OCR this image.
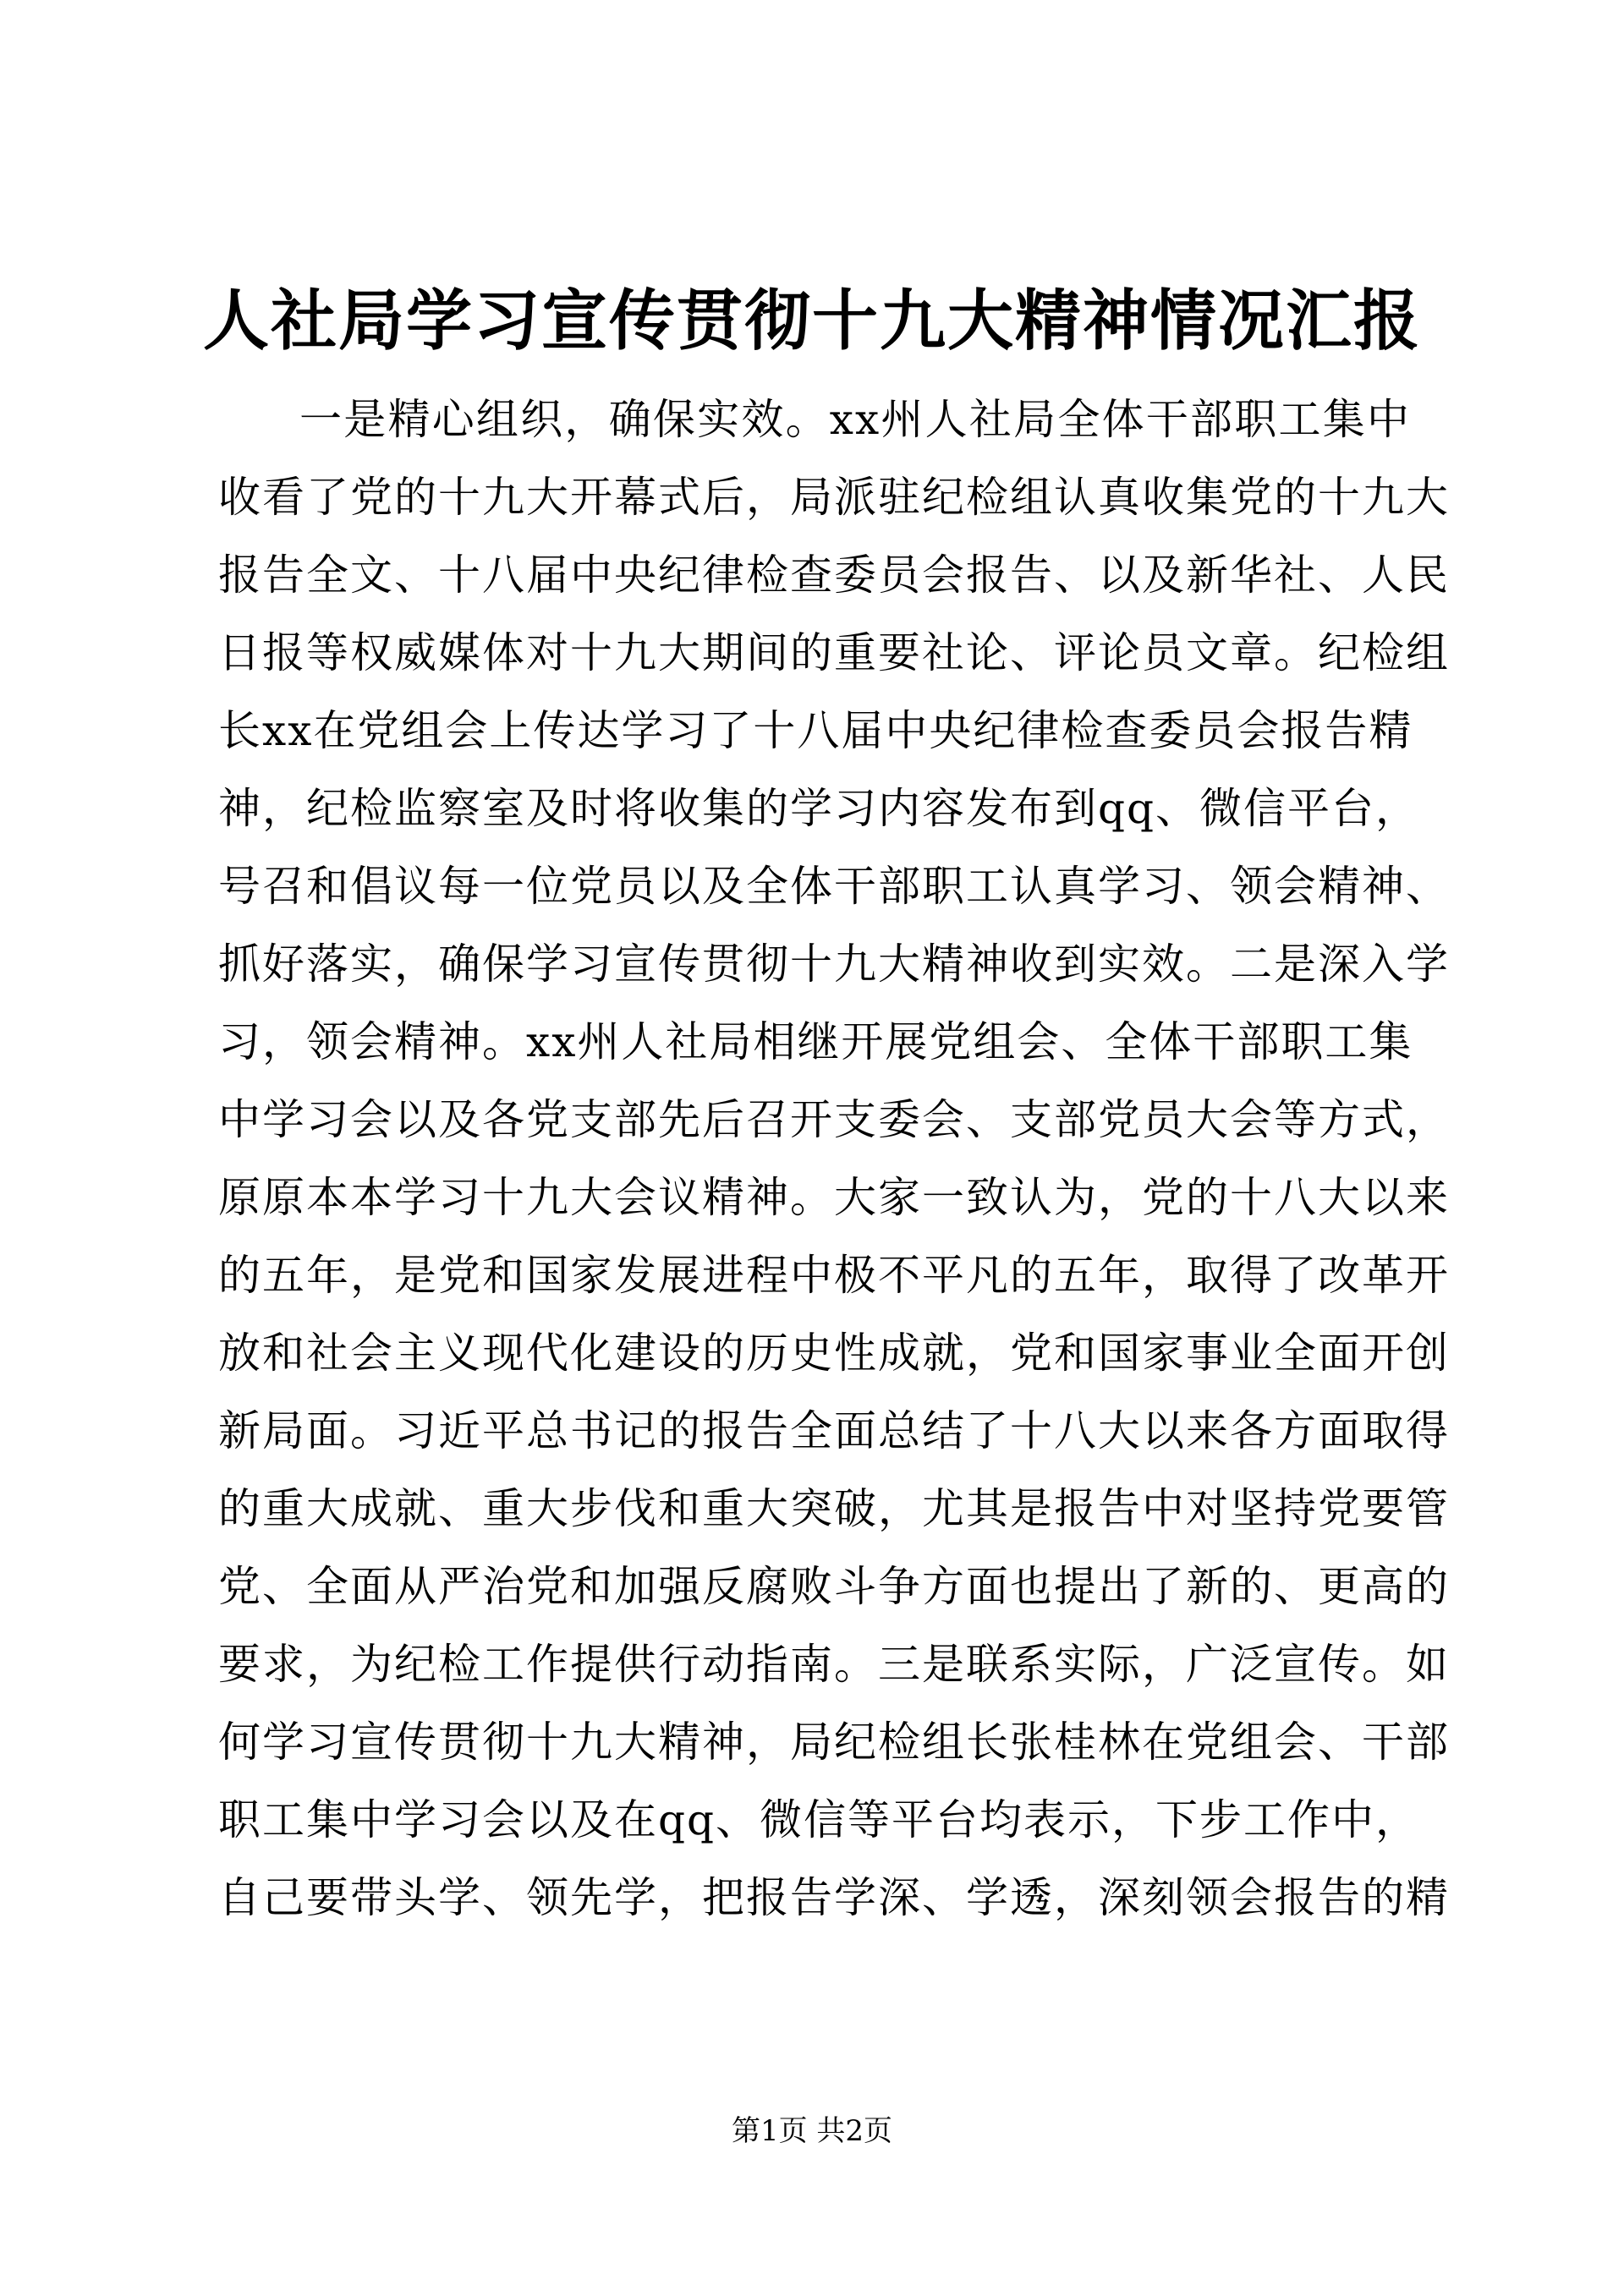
人社局学习宣传贯彻十九大精神情况汇报
一是精心组织，确保实效。xx州人社局全体干部职工集中
收看了党的十九大开幕式后，局派驻纪检组认真收集党的十九大
报告全文、十八届中央纪律检查委员会报告、以及新华社、人民
日报等权威媒体对十九大期间的重要社论、评论员文章。纪检组
长xx在党组会上传达学习了十八届中央纪律检查委员会报告精
神，纪检监察室及时将收集的学习内容发布到qq、微信平台，
号召和倡议每一位党员以及全体干部职工认真学习、领会精神、
抓好落实，确保学习宣传贯彻十九大精神收到实效。二是深入学
习，领会精神。xx州人社局相继开展党组会、全体干部职工集
中学习会以及各党支部先后召开支委会、支部党员大会等方式，
原原本本学习十九大会议精神。大家一致认为，党的十八大以来
的五年，是党和国家发展进程中极不平凡的五年，取得了改革开
放和社会主义现代化建设的历史性成就，党和国家事业全面开创
新局面。习近平总书记的报告全面总结了十八大以来各方面取得
的重大成就、重大步伐和重大突破，尤其是报告中对坚持党要管
党、全面从严治党和加强反腐败斗争方面也提出了新的、更高的
要求，为纪检工作提供行动指南。三是联系实际，广泛宣传。如
何学习宣传贯彻十九大精神，局纪检组长张桂林在党组会、干部
职工集中学习会以及在qq、微信等平台均表示，下步工作中，
自己要带头学、领先学，把报告学深、学透，深刻领会报告的精
第1页 共2页
